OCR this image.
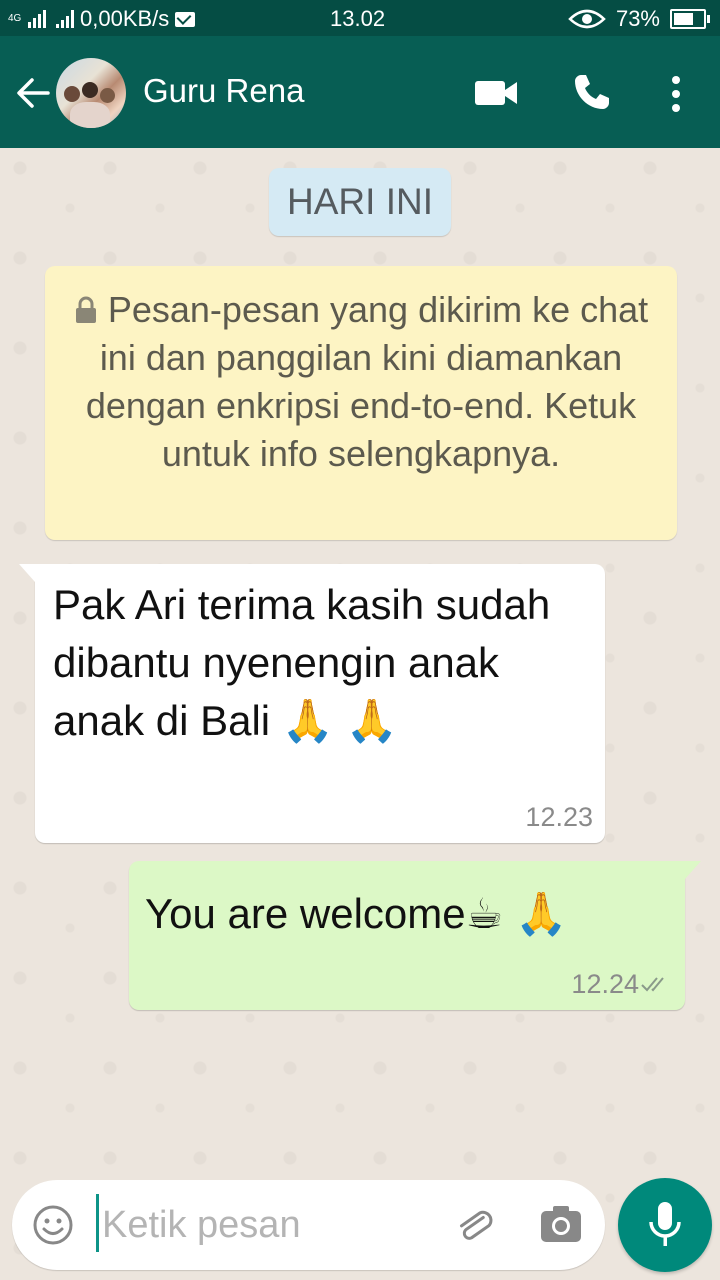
4G	0,00KB/s	13.02	73%
Guru Rena
HARI INI
Pesan-pesan yang dikirim ke chat ini dan panggilan kini diamankan dengan enkripsi end-to-end. Ketuk untuk info selengkapnya.
Pak Ari terima kasih sudah dibantu nyenengin anak anak di Bali 🙏 🙏
12.23
You are welcome☕ 🙏
12.24
Ketik pesan
